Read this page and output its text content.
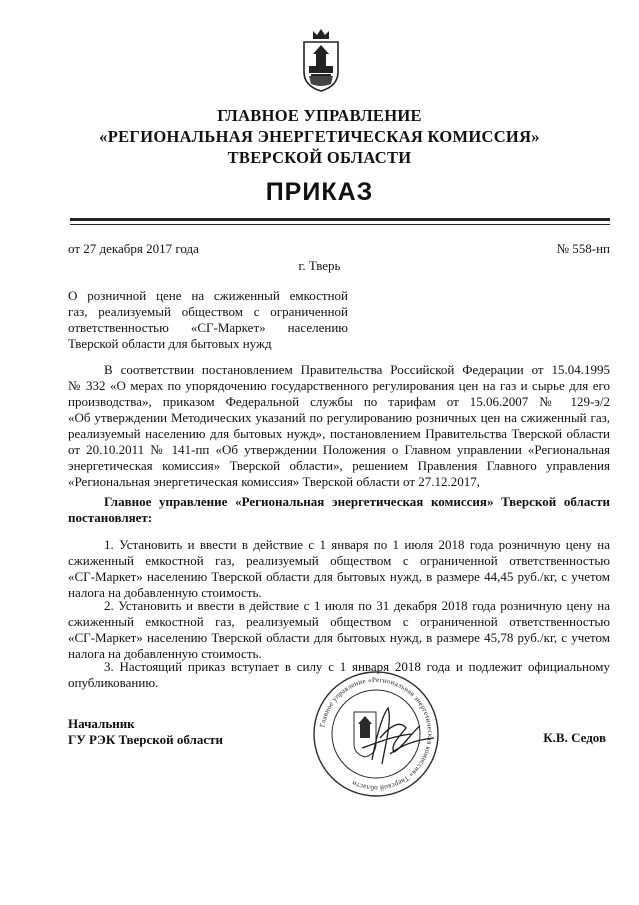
ГЛАВНОЕ УПРАВЛЕНИЕ
«РЕГИОНАЛЬНАЯ ЭНЕРГЕТИЧЕСКАЯ КОМИССИЯ»
ТВЕРСКОЙ ОБЛАСТИ
ПРИКАЗ
от 27 декабря 2017 года	№ 558-нп
г. Тверь
О розничной цене на сжиженный емкостной
газ, реализуемый обществом с ограниченной
ответственностью «СГ-Маркет» населению
Тверской области для бытовых нужд
В соответствии постановлением Правительства Российской Федерации от 15.04.1995
№ 332 «О мерах по упорядочению государственного регулирования цен на газ и сырье для его
производства», приказом Федеральной службы по тарифам от 15.06.2007 № 129-э/2
«Об утверждении Методических указаний по регулированию розничных цен на сжиженный газ,
реализуемый населению для бытовых нужд», постановлением Правительства Тверской области
от 20.10.2011 № 141-пп «Об утверждении Положения о Главном управлении «Региональная
энергетическая комиссия» Тверской области», решением Правления Главного управления
«Региональная энергетическая комиссия» Тверской области от 27.12.2017,
Главное управление «Региональная энергетическая комиссия» Тверской области
постановляет:
1. Установить и ввести в действие с 1 января по 1 июля 2018 года розничную цену на
сжиженный емкостной газ, реализуемый обществом с ограниченной ответственностью
«СГ-Маркет» населению Тверской области для бытовых нужд, в размере 44,45 руб./кг, с учетом
налога на добавленную стоимость.
2. Установить и ввести в действие с 1 июля по 31 декабря 2018 года розничную цену на
сжиженный емкостной газ, реализуемый обществом с ограниченной ответственностью
«СГ-Маркет» населению Тверской области для бытовых нужд, в размере 45,78 руб./кг, с учетом
налога на добавленную стоимость.
3. Настоящий приказ вступает в силу с 1 января 2018 года и подлежит официальному
опубликованию.
Главное управление «Региональная энергетическая комиссия» Тверской области
Начальник
ГУ РЭК Тверской области	К.В. Седов
